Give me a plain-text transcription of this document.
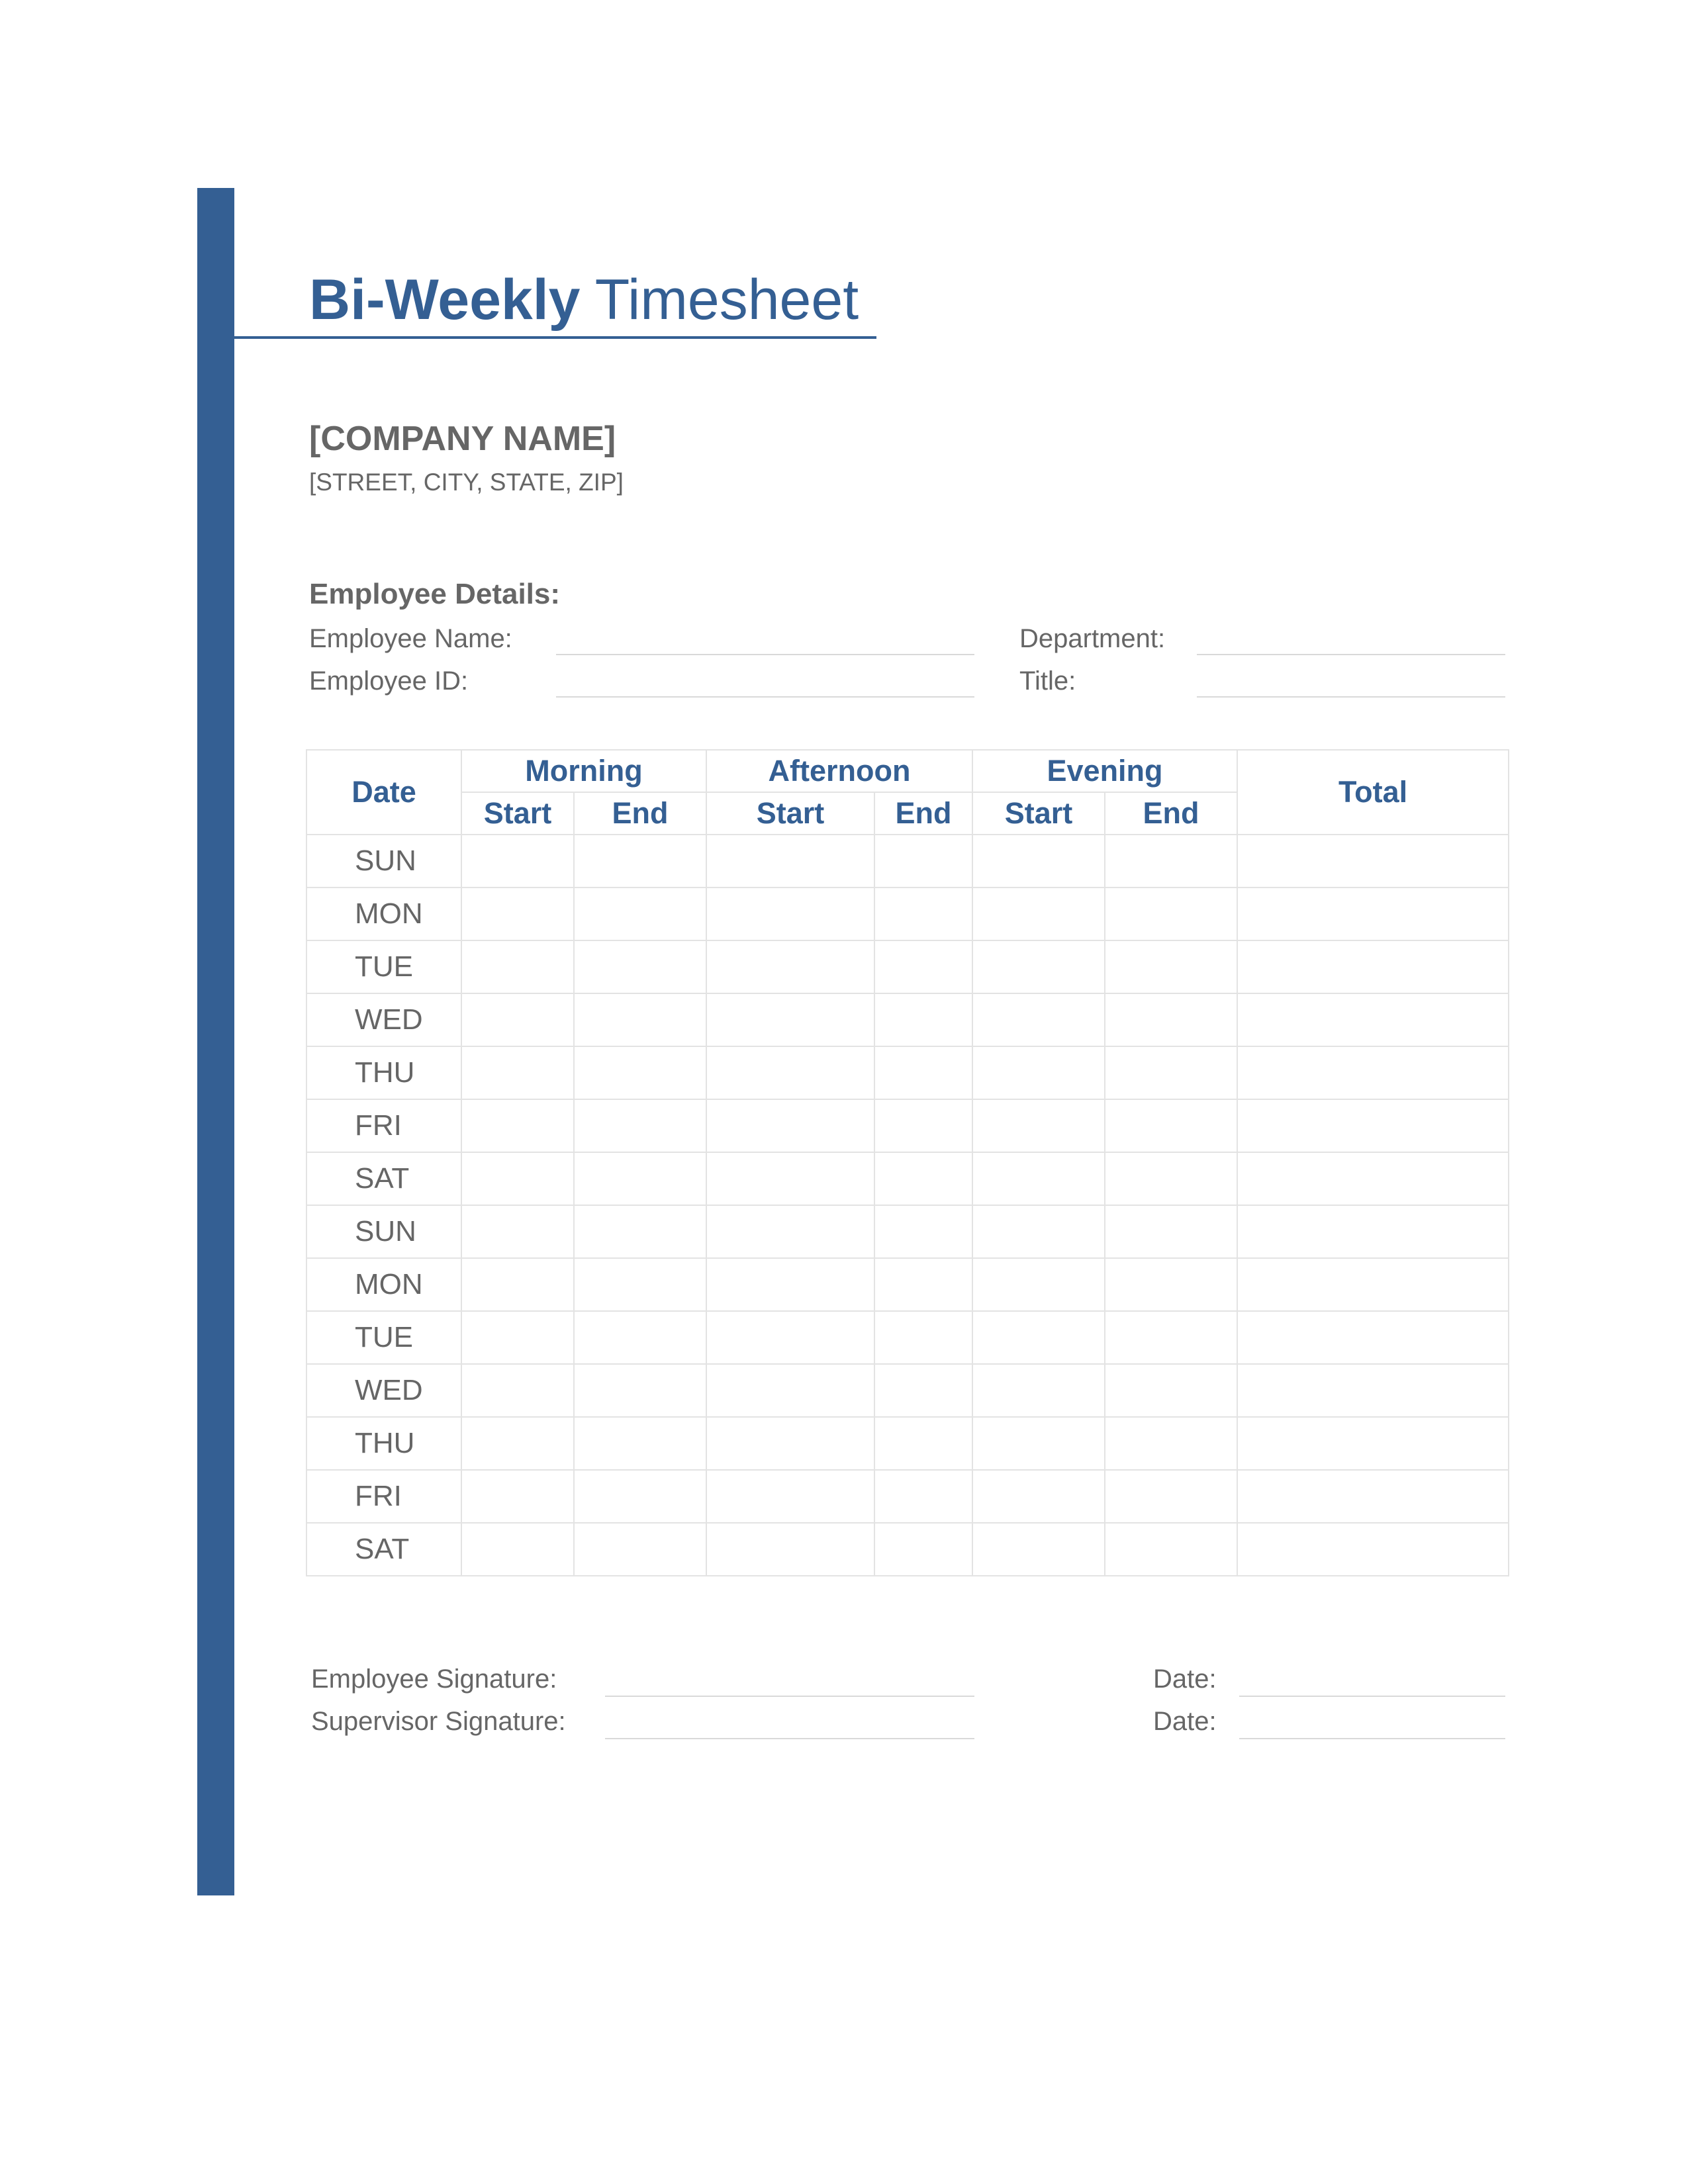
Bi-Weekly Timesheet
[COMPANY NAME]
[STREET, CITY, STATE, ZIP]
Employee Details:
Employee Name:
Employee ID:
Department:
Title:
Date	Morning		Afternoon		Evening		Total
	Start	End	Start	End	Start	End	
SUN							
MON							
TUE							
WED							
THU							
FRI							
SAT							
SUN							
MON							
TUE							
WED							
THU							
FRI							
SAT							
Employee Signature:	Date:
Supervisor Signature:	Date:
